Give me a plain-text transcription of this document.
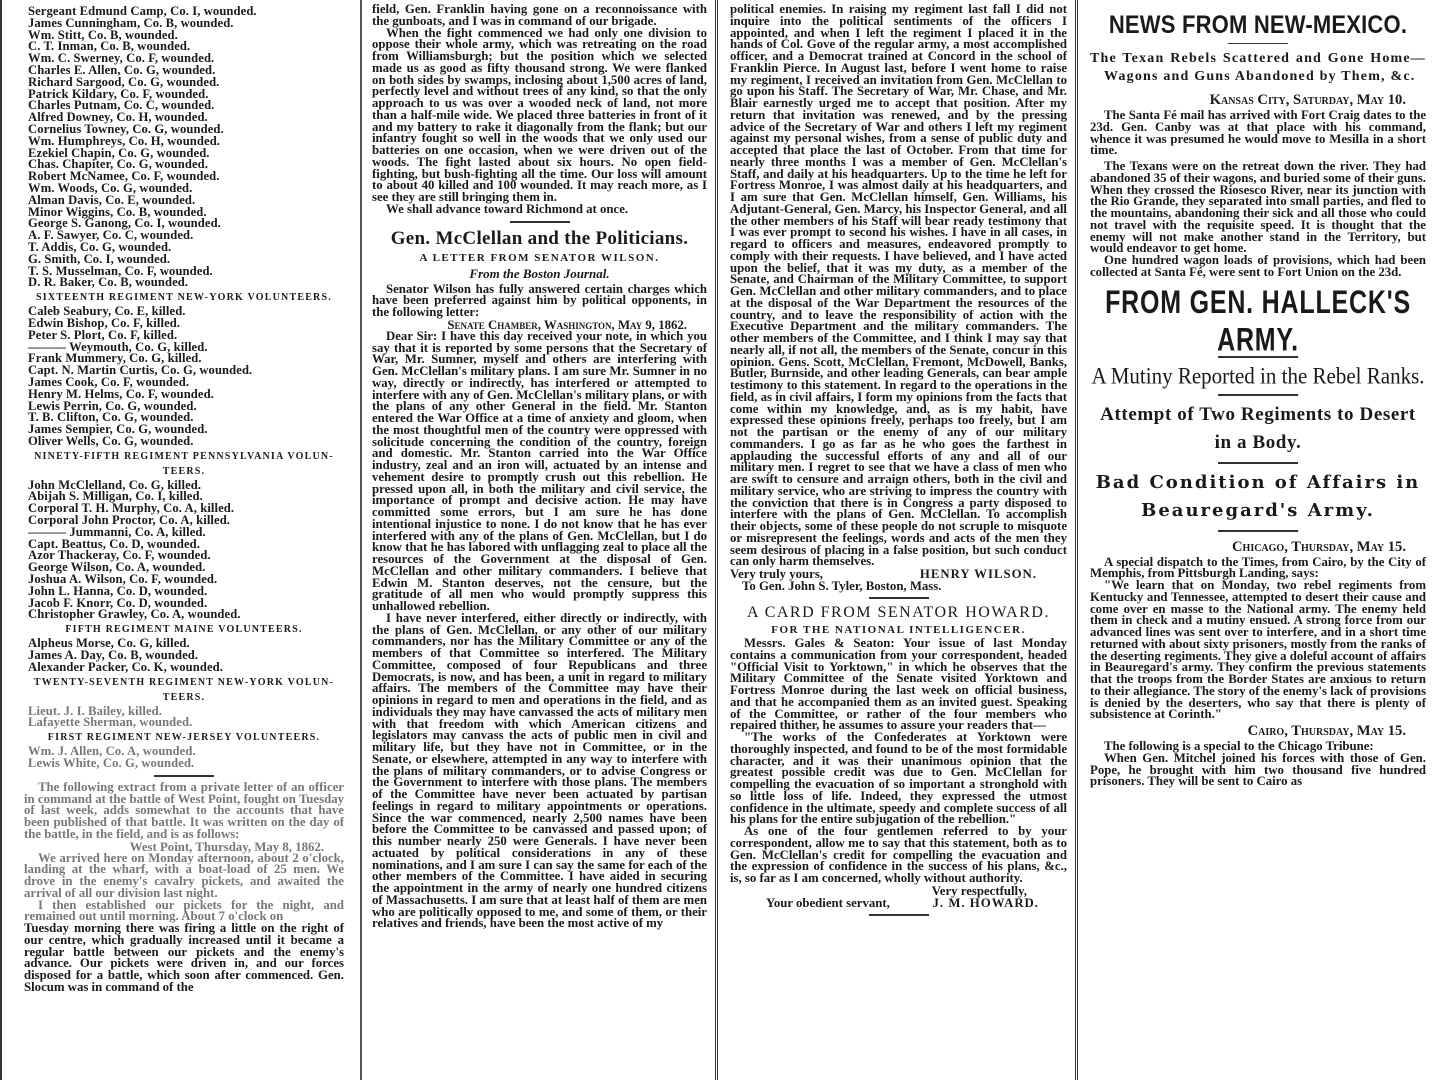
Sergeant Edmund Camp, Co. I, wounded.

James Cunningham, Co. B, wounded.

Wm. Stitt, Co. B, wounded.

C. T. Inman, Co. B, wounded.

Wm. C. Swerney, Co. F, wounded.

Charles E. Allen, Co. G, wounded.

Richard Sargood, Co. G, wounded.

Patrick Kildary, Co. F, wounded.

Charles Putnam, Co. C, wounded.

Alfred Downey, Co. H, wounded.

Cornelius Towney, Co. G, wounded.

Wm. Humphreys, Co. H, wounded.

Ezekiel Chapin, Co. G, wounded.

Chas. Chapiter, Co. G, wounded.

Robert McNamee, Co. F, wounded.

Wm. Woods, Co. G, wounded.

Alman Davis, Co. E, wounded.

Minor Wiggins, Co. B, wounded.

George S. Ganong, Co. I, wounded.

A. F. Sawyer, Co. C, wounded.

T. Addis, Co. G, wounded.

G. Smith, Co. I, wounded.

T. S. Musselman, Co. F, wounded.

D. R. Baker, Co. B, wounded.

SIXTEENTH REGIMENT NEW-YORK VOLUNTEERS.

Caleb Seabury, Co. E, killed.

Edwin Bishop, Co. F, killed.

Peter S. Plort, Co. F, killed.

——— Weymouth, Co. G, killed.

Frank Mummery, Co. G, killed.

Capt. N. Martin Curtis, Co. G, wounded.

James Cook, Co. F, wounded.

Henry M. Helms, Co. F, wounded.

Lewis Perrin, Co. G, wounded.

T. B. Clifton, Co. G, wounded.

James Sempier, Co. G, wounded.

Oliver Wells, Co. G, wounded.

NINETY-FIFTH REGIMENT PENNSYLVANIA VOLUN-
TEERS.

John McClelland, Co. G, killed.

Abijah S. Milligan, Co. I, killed.

Corporal T. H. Murphy, Co. A, killed.

Corporal John Proctor, Co. A, killed.

——— Jummanni, Co. A, killed.

Capt. Beattus, Co. D, wounded.

Azor Thackeray, Co. F, wounded.

George Wilson, Co. A, wounded.

Joshua A. Wilson, Co. F, wounded.

John L. Hanna, Co. D, wounded.

Jacob F. Knorr, Co. D, wounded.

Christopher Grawley, Co. A, wounded.

FIFTH REGIMENT MAINE VOLUNTEERS.

Alpheus Morse, Co. G, killed.

James A. Day, Co. B, wounded.

Alexander Packer, Co. K, wounded.

TWENTY-SEVENTH REGIMENT NEW-YORK VOLUN-
TEERS.

Lieut. J. I. Bailey, killed.

Lafayette Sherman, wounded.

FIRST REGIMENT NEW-JERSEY VOLUNTEERS.

Wm. J. Allen, Co. A, wounded.

Lewis White, Co. G, wounded.

The following extract from a private letter of an officer in command at the battle of West Point, fought on Tuesday of last week, adds somewhat to the accounts that have been published of that battle. It was written on the day of the battle, in the field, and is as follows:

West Point, Thursday, May 8, 1862.

We arrived here on Monday afternoon, about 2 o'clock, landing at the wharf, with a boat-load of 25 men. We drove in the enemy's cavalry pickets, and awaited the arrival of all our division last night.

I then established our pickets for the night, and remained out until morning. About 7 o'clock on

Tuesday morning there was firing a little on the right of our centre, which gradually increased until it became a regular battle between our pickets and the enemy's advance. Our pickets were driven in, and our forces disposed for a battle, which soon after commenced. Gen. Slocum was in command of the

field, Gen. Franklin having gone on a reconnoissance with the gunboats, and I was in command of our brigade.

When the fight commenced we had only one division to oppose their whole army, which was retreating on the road from Williamsburgh; but the position which we selected made us as good as fifty thousand strong. We were flanked on both sides by swamps, inclosing about 1,500 acres of land, perfectly level and without trees of any kind, so that the only approach to us was over a wooded neck of land, not more than a half-mile wide. We placed three batteries in front of it and my battery to rake it diagonally from the flank; but our infantry fought so well in the woods that we only used our batteries on one occasion, when we were driven out of the woods. The fight lasted about six hours. No open field-fighting, but bush-fighting all the time. Our loss will amount to about 40 killed and 100 wounded. It may reach more, as I see they are still bringing them in.

We shall advance toward Richmond at once.

Gen. McClellan and the Politicians.
A LETTER FROM SENATOR WILSON.
From the Boston Journal.

Senator Wilson has fully answered certain charges which have been preferred against him by political opponents, in the following letter:

Senate Chamber, Washington, May 9, 1862.

Dear Sir: I have this day received your note, in which you say that it is reported by some persons that the Secretary of War, Mr. Sumner, myself and others are interfering with Gen. McClellan's military plans. I am sure Mr. Sumner in no way, directly or indirectly, has interfered or attempted to interfere with any of Gen. McClellan's military plans, or with the plans of any other General in the field. Mr. Stanton entered the War Office at a time of anxiety and gloom, when the most thoughtful men of the country were oppressed with solicitude concerning the condition of the country, foreign and domestic. Mr. Stanton carried into the War Office industry, zeal and an iron will, actuated by an intense and vehement desire to promptly crush out this rebellion. He pressed upon all, in both the military and civil service, the importance of prompt and decisive action. He may have committed some errors, but I am sure he has done intentional injustice to none. I do not know that he has ever interfered with any of the plans of Gen. McClellan, but I do know that he has labored with unflagging zeal to place all the resources of the Government at the disposal of Gen. McClellan and other military commanders. I believe that Edwin M. Stanton deserves, not the censure, but the gratitude of all men who would promptly suppress this unhallowed rebellion.

I have never interfered, either directly or indirectly, with the plans of Gen. McClellan, or any other of our military commanders, nor has the Military Committee or any of the members of that Committee so interfered. The Military Committee, composed of four Republicans and three Democrats, is now, and has been, a unit in regard to military affairs. The members of the Committee may have their opinions in regard to men and operations in the field, and as individuals they may have canvassed the acts of military men with that freedom with which American citizens and legislators may canvass the acts of public men in civil and military life, but they have not in Committee, or in the Senate, or elsewhere, attempted in any way to interfere with the plans of military commanders, or to advise Congress or the Government to interfere with those plans. The members of the Committee have never been actuated by partisan feelings in regard to military appointments or operations. Since the war commenced, nearly 2,500 names have been before the Committee to be canvassed and passed upon; of this number nearly 250 were Generals. I have never been actuated by political considerations in any of these nominations, and I am sure I can say the same for each of the other members of the Committee. I have aided in securing the appointment in the army of nearly one hundred citizens of Massachusetts. I am sure that at least half of them are men who are politically opposed to me, and some of them, or their relatives and friends, have been the most active of my

political enemies. In raising my regiment last fall I did not inquire into the political sentiments of the officers I appointed, and when I left the regiment I placed it in the hands of Col. Gove of the regular army, a most accomplished officer, and a Democrat trained at Concord in the school of Franklin Pierce. In August last, before I went home to raise my regiment, I received an invitation from Gen. McClellan to go upon his Staff. The Secretary of War, Mr. Chase, and Mr. Blair earnestly urged me to accept that position. After my return that invitation was renewed, and by the pressing advice of the Secretary of War and others I left my regiment against my personal wishes, from a sense of public duty and accepted that place the last of October. From that time for nearly three months I was a member of Gen. McClellan's Staff, and daily at his headquarters. Up to the time he left for Fortress Monroe, I was almost daily at his headquarters, and I am sure that Gen. McClellan himself, Gen. Williams, his Adjutant-General, Gen. Marcy, his Inspector General, and all the other members of his Staff will bear ready testimony that I was ever prompt to second his wishes. I have in all cases, in regard to officers and measures, endeavored promptly to comply with their requests. I have believed, and I have acted upon the belief, that it was my duty, as a member of the Senate, and Chairman of the Military Committee, to support Gen. McClellan and other military commanders, and to place at the disposal of the War Department the resources of the country, and to leave the responsibility of action with the Executive Department and the military commanders. The other members of the Committee, and I think I may say that nearly all, if not all, the members of the Senate, concur in this opinion. Gens. Scott, McClellan, Fremont, McDowell, Banks, Butler, Burnside, and other leading Generals, can bear ample testimony to this statement. In regard to the operations in the field, as in civil affairs, I form my opinions from the facts that come within my knowledge, and, as is my habit, have expressed these opinions freely, perhaps too freely, but I am not the partisan or the enemy of any of our military commanders. I go as far as he who goes the farthest in applauding the successful efforts of any and all of our military men. I regret to see that we have a class of men who are swift to censure and arraign others, both in the civil and military service, who are striving to impress the country with the conviction that there is in Congress a party disposed to interfere with the plans of Gen. McClellan. To accomplish their objects, some of these people do not scruple to misquote or misrepresent the feelings, words and acts of the men they seem desirous of placing in a false position, but such conduct can only harm themselves.

Very truly yours,	HENRY WILSON.

To Gen. John S. Tyler, Boston, Mass.

A CARD FROM SENATOR HOWARD.
FOR THE NATIONAL INTELLIGENCER.

Messrs. Gales & Seaton: Your issue of last Monday contains a communication from your correspondent, headed "Official Visit to Yorktown," in which he observes that the Military Committee of the Senate visited Yorktown and Fortress Monroe during the last week on official business, and that he accompanied them as an invited guest. Speaking of the Committee, or rather of the four members who repaired thither, he assumes to assure your readers that—

"The works of the Confederates at Yorktown were thoroughly inspected, and found to be of the most formidable character, and it was their unanimous opinion that the greatest possible credit was due to Gen. McClellan for compelling the evacuation of so important a stronghold with so little loss of life. Indeed, they expressed the utmost confidence in the ultimate, speedy and complete success of all his plans for the entire subjugation of the rebellion."

As one of the four gentlemen referred to by your correspondent, allow me to say that this statement, both as to Gen. McClellan's credit for compelling the evacuation and the expression of confidence in the success of his plans, &c., is, so far as I am concerned, wholly without authority.

Very respectfully,

Your obedient servant,	J. M. HOWARD.
NEWS FROM NEW-MEXICO.
The Texan Rebels Scattered and Gone Home—Wagons and Guns Abandoned by Them, &c.

Kansas City, Saturday, May 10.

The Santa Fé mail has arrived with Fort Craig dates to the 23d. Gen. Canby was at that place with his command, whence it was presumed he would move to Mesilla in a short time.

The Texans were on the retreat down the river. They had abandoned 35 of their wagons, and buried some of their guns. When they crossed the Riosesco River, near its junction with the Rio Grande, they separated into small parties, and fled to the mountains, abandoning their sick and all those who could not travel with the requisite speed. It is thought that the enemy will not make another stand in the Territory, but would endeavor to get home.

One hundred wagon loads of provisions, which had been collected at Santa Fé, were sent to Fort Union on the 23d.

FROM GEN. HALLECK'S ARMY.
A Mutiny Reported in the Rebel Ranks.
Attempt of Two Regiments to Desert in a Body.
Bad Condition of Affairs in Beauregard's Army.

Chicago, Thursday, May 15.

A special dispatch to the Times, from Cairo, by the City of Memphis, from Pittsburgh Landing, says:

"We learn that on Monday, two rebel regiments from Kentucky and Tennessee, attempted to desert their cause and come over en masse to the National army. The enemy held them in check and a mutiny ensued. A strong force from our advanced lines was sent over to interfere, and in a short time returned with about sixty prisoners, mostly from the ranks of the deserting regiments. They give a doleful account of affairs in Beauregard's army. They confirm the previous statements that the troops from the Border States are anxious to return to their allegiance. The story of the enemy's lack of provisions is denied by the deserters, who say that there is plenty of subsistence at Corinth."

Cairo, Thursday, May 15.

The following is a special to the Chicago Tribune:

When Gen. Mitchel joined his forces with those of Gen. Pope, he brought with him two thousand five hundred prisoners. They will be sent to Cairo as
